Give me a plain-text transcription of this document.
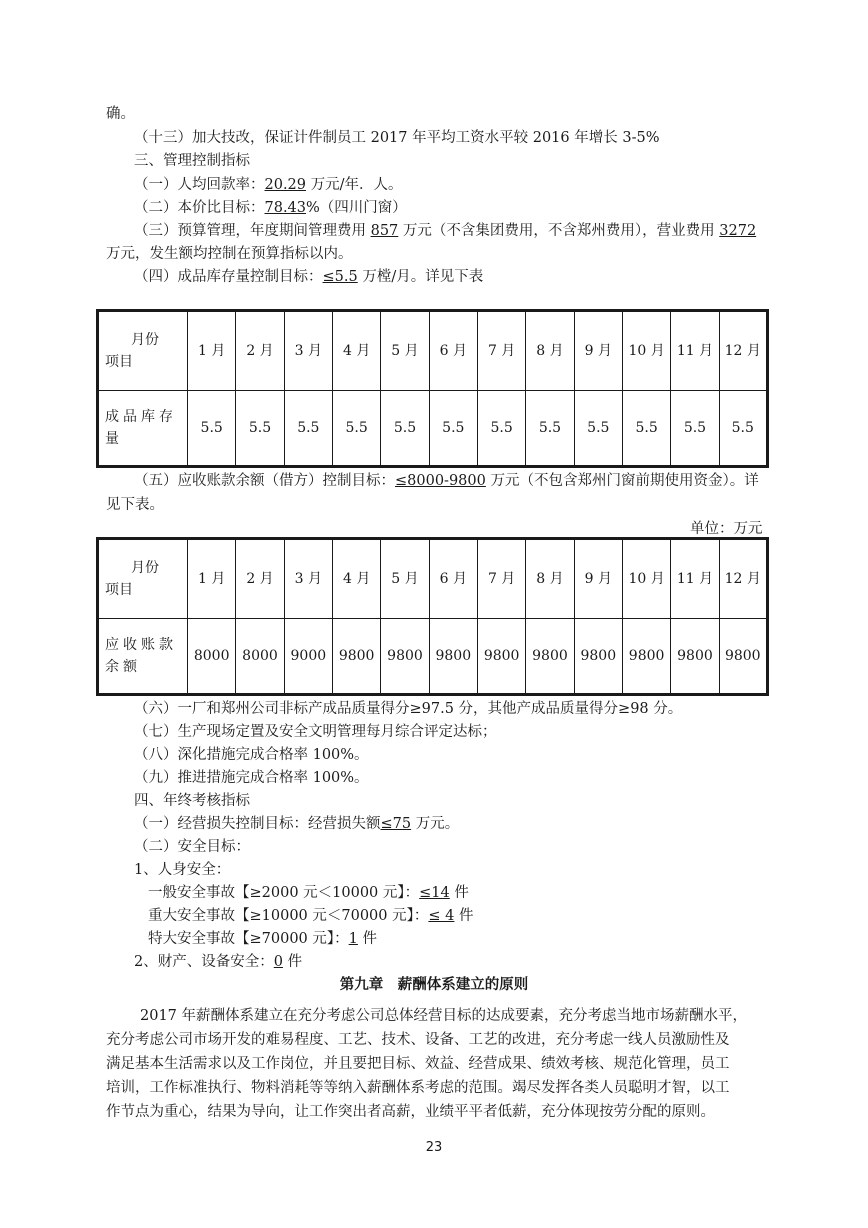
确。
（十三）加大技改，保证计件制员工 2017 年平均工资水平较 2016 年增长 3-5%
三、管理控制指标
（一）人均回款率：20.29 万元/年．人。
（二）本价比目标：78.43%（四川门窗）
（三）预算管理，年度期间管理费用 857 万元（不含集团费用，不含郑州费用），营业费用 3272
万元，发生额均控制在预算指标以内。
（四）成品库存量控制目标：≤5.5 万樘/月。详见下表
月份
项目	1 月	2 月	3 月	4 月	5 月	6 月	7 月	8 月	9 月	10 月	11 月	12 月
成品库存量	5.5	5.5	5.5	5.5	5.5	5.5	5.5	5.5	5.5	5.5	5.5	5.5
（五）应收账款余额（借方）控制目标：≤8000-9800 万元（不包含郑州门窗前期使用资金）。详
见下表。
单位：万元
月份
项目	1 月	2 月	3 月	4 月	5 月	6 月	7 月	8 月	9 月	10 月	11 月	12 月
应收账款余额	8000	8000	9000	9800	9800	9800	9800	9800	9800	9800	9800	9800
（六）一厂和郑州公司非标产成品质量得分≥97.5 分，其他产成品质量得分≥98 分。
（七）生产现场定置及安全文明管理每月综合评定达标；
（八）深化措施完成合格率 100%。
（九）推进措施完成合格率 100%。
四、年终考核指标
（一）经营损失控制目标：经营损失额≤75 万元。
（二）安全目标：
1、人身安全：
一般安全事故【≥2000 元＜10000 元】：≤14 件
重大安全事故【≥10000 元＜70000 元】：≤ 4 件
特大安全事故【≥70000 元】：1 件
2、财产、设备安全：0 件
第九章　薪酬体系建立的原则
2017 年薪酬体系建立在充分考虑公司总体经营目标的达成要素，充分考虑当地市场薪酬水平，
充分考虑公司市场开发的难易程度、工艺、技术、设备、工艺的改进，充分考虑一线人员激励性及
满足基本生活需求以及工作岗位，并且要把目标、效益、经营成果、绩效考核、规范化管理，员工
培训，工作标准执行、物料消耗等等纳入薪酬体系考虑的范围。竭尽发挥各类人员聪明才智，以工
作节点为重心，结果为导向，让工作突出者高薪，业绩平平者低薪，充分体现按劳分配的原则。
23
